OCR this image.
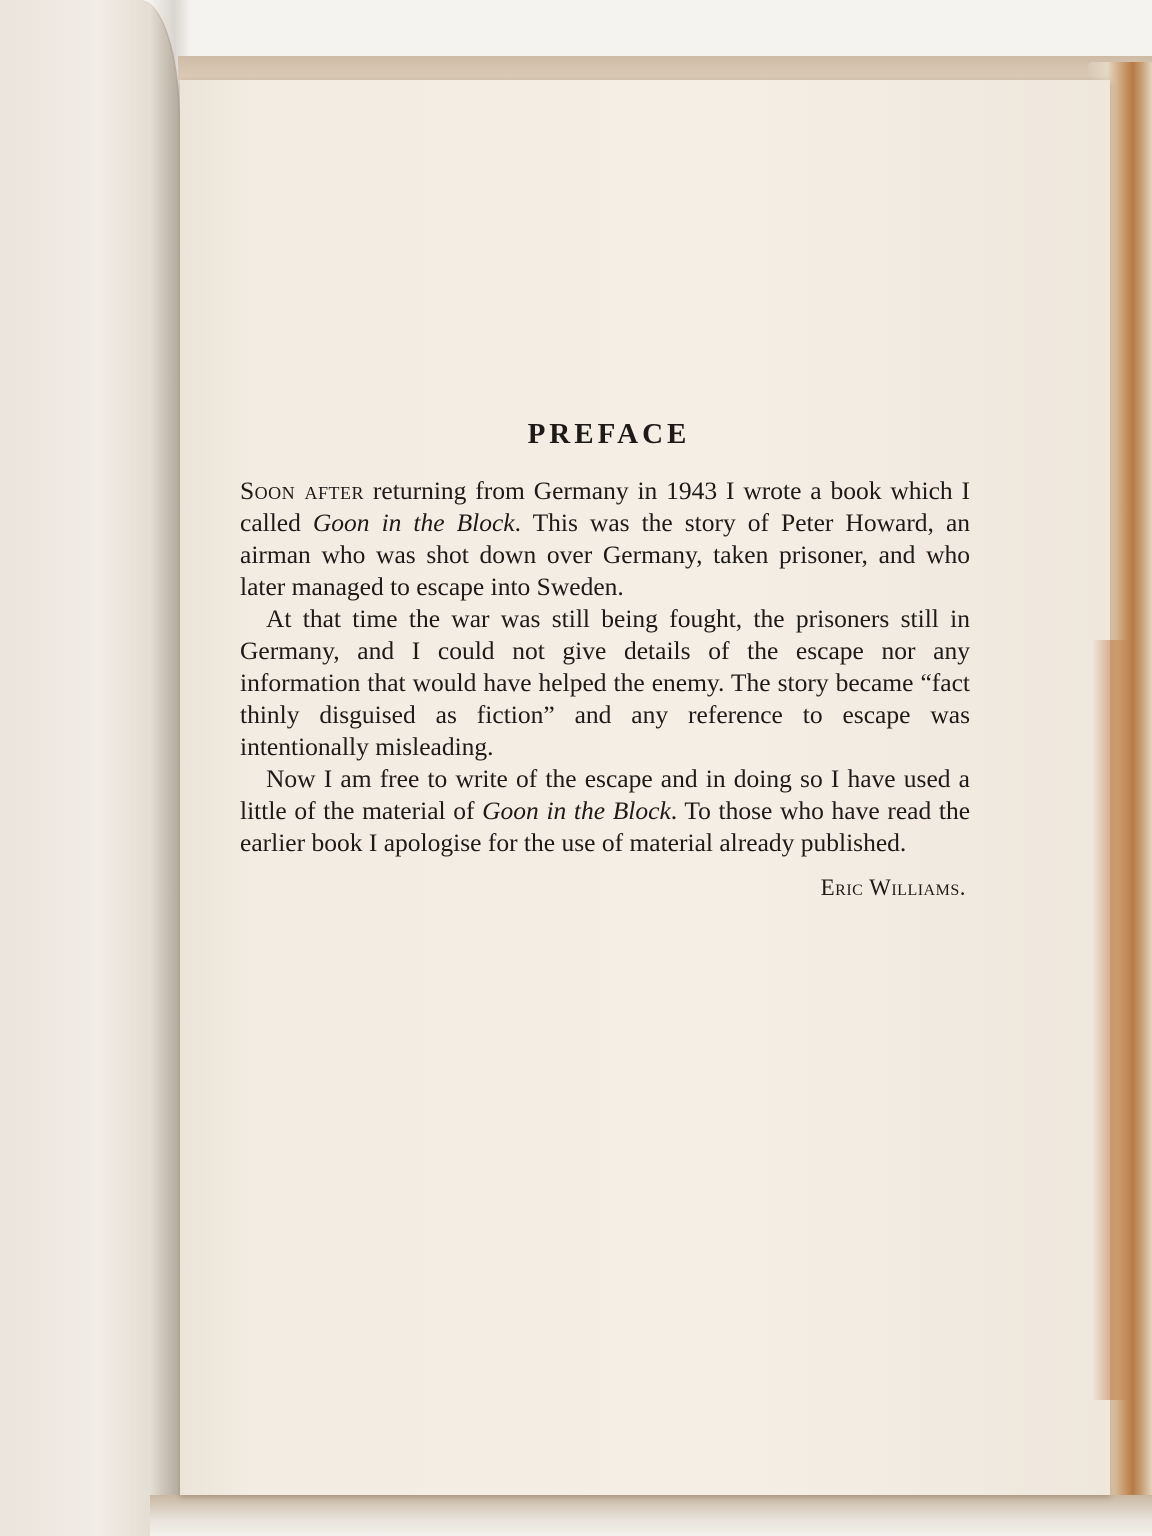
PREFACE

Soon after returning from Germany in 1943 I wrote a book which I called Goon in the Block. This was the story of Peter Howard, an airman who was shot down over Germany, taken prisoner, and who later managed to escape into Sweden.

At that time the war was still being fought, the prisoners still in Germany, and I could not give details of the escape nor any information that would have helped the enemy. The story became “fact thinly disguised as fiction” and any reference to escape was intentionally misleading.

Now I am free to write of the escape and in doing so I have used a little of the material of Goon in the Block. To those who have read the earlier book I apologise for the use of material already published.

Eric Williams.
